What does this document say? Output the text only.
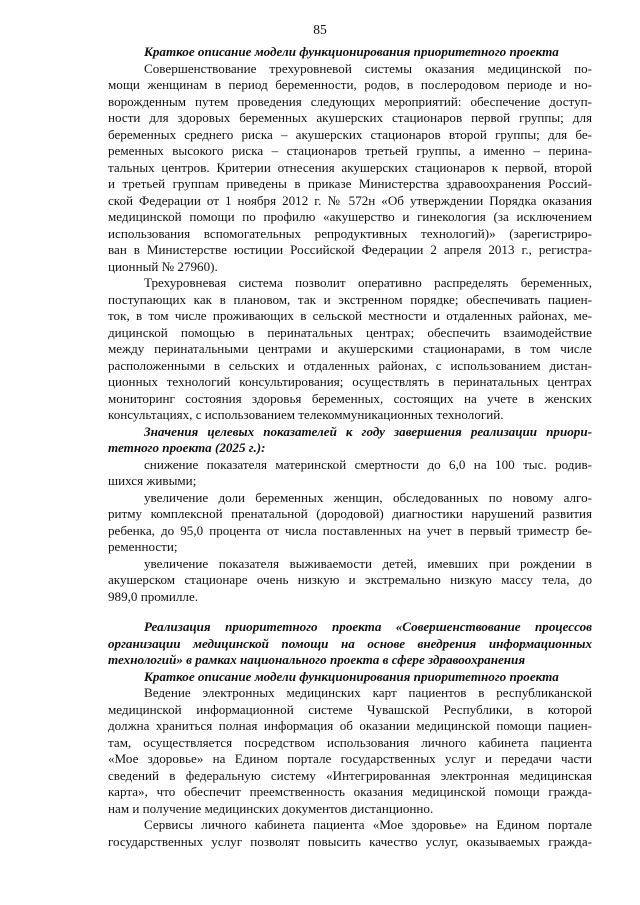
85

Краткое описание модели функционирования приоритетного проекта

Совершенствование трехуровневой системы оказания медицинской по-
мощи женщинам в период беременности, родов, в послеродовом периоде и но-
ворожденным путем проведения следующих мероприятий: обеспечение доступ-
ности для здоровых беременных акушерских стационаров первой группы; для
беременных среднего риска – акушерских стационаров второй группы; для бе-
ременных высокого риска – стационаров третьей группы, а именно – перина-
тальных центров. Критерии отнесения акушерских стационаров к первой, второй
и третьей группам приведены в приказе Министерства здравоохранения Россий-
ской Федерации от 1 ноября 2012 г. № 572н «Об утверждении Порядка оказания
медицинской помощи по профилю «акушерство и гинекология (за исключением
использования вспомогательных репродуктивных технологий)» (зарегистриро-
ван в Министерстве юстиции Российской Федерации 2 апреля 2013 г., регистра-
ционный № 27960).

Трехуровневая система позволит оперативно распределять беременных,
поступающих как в плановом, так и экстренном порядке; обеспечивать пациен-
ток, в том числе проживающих в сельской местности и отдаленных районах, ме-
дицинской помощью в перинатальных центрах; обеспечить взаимодействие
между перинатальными центрами и акушерскими стационарами, в том числе
расположенными в сельских и отдаленных районах, с использованием дистан-
ционных технологий консультирования; осуществлять в перинатальных центрах
мониторинг состояния здоровья беременных, состоящих на учете в женских
консультациях, с использованием телекоммуникационных технологий.

Значения целевых показателей к году завершения реализации приори-
тетного проекта (2025 г.):

снижение показателя материнской смертности до 6,0 на 100 тыс. родив-
шихся живыми;

увеличение доли беременных женщин, обследованных по новому алго-
ритму комплексной пренатальной (дородовой) диагностики нарушений развития
ребенка, до 95,0 процента от числа поставленных на учет в первый триместр бе-
ременности;

увеличение показателя выживаемости детей, имевших при рождении в
акушерском стационаре очень низкую и экстремально низкую массу тела, до
989,0 промилле.

Реализация приоритетного проекта «Совершенствование процессов
организации медицинской помощи на основе внедрения информационных
технологий» в рамках национального проекта в сфере здравоохранения

Краткое описание модели функционирования приоритетного проекта

Ведение электронных медицинских карт пациентов в республиканской
медицинской информационной системе Чувашской Республики, в которой
должна храниться полная информация об оказании медицинской помощи пациен-
там, осуществляется посредством использования личного кабинета пациента
«Мое здоровье» на Едином портале государственных услуг и передачи части
сведений в федеральную систему «Интегрированная электронная медицинская
карта», что обеспечит преемственность оказания медицинской помощи гражда-
нам и получение медицинских документов дистанционно.

Сервисы личного кабинета пациента «Мое здоровье» на Едином портале
государственных услуг позволят повысить качество услуг, оказываемых гражда-
